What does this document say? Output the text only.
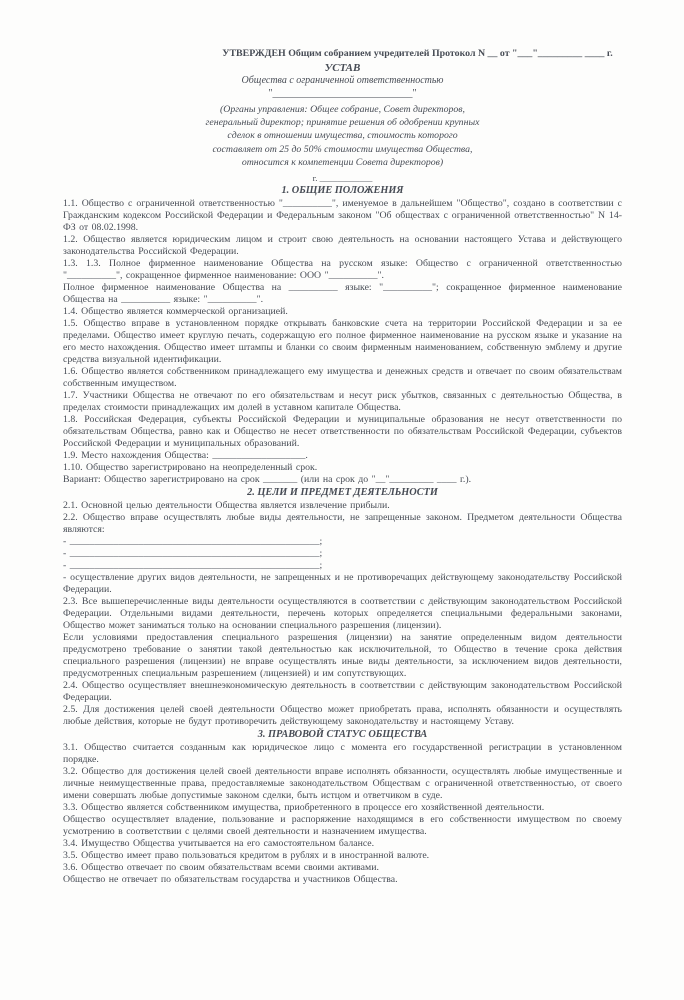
УТВЕРЖДЕН Общим собранием учредителей Протокол N __ от "___"_________ ____ г.
УСТАВ
Общества с ограниченной ответственностью
"____________________________"
(Органы управления: Общее собрание, Совет директоров,
генеральный директор; принятие решения об одобрении крупных
сделок в отношении имущества, стоимость которого
составляет от 25 до 50% стоимости имущества Общества,
относится к компетенции Совета директоров)
г. ____________
1. ОБЩИЕ ПОЛОЖЕНИЯ
1.1. Общество с ограниченной ответственностью "__________", именуемое в дальнейшем "Общество", создано в соответствии с Гражданским кодексом Российской Федерации и Федеральным законом "Об обществах с ограниченной ответственностью" N 14-ФЗ от 08.02.1998.
1.2. Общество является юридическим лицом и строит свою деятельность на основании настоящего Устава и действующего законодательства Российской Федерации.
1.3. 1.3. Полное фирменное наименование Общества на русском языке: Общество с ограниченной ответственностью "__________", сокращенное фирменное наименование: ООО "__________".
Полное фирменное наименование Общества на __________ языке: "__________"; сокращенное фирменное наименование Общества на __________ языке: "__________".
1.4. Общество является коммерческой организацией.
1.5. Общество вправе в установленном порядке открывать банковские счета на территории Российской Федерации и за ее пределами. Общество имеет круглую печать, содержащую его полное фирменное наименование на русском языке и указание на его место нахождения. Общество имеет штампы и бланки со своим фирменным наименованием, собственную эмблему и другие средства визуальной идентификации.
1.6. Общество является собственником принадлежащего ему имущества и денежных средств и отвечает по своим обязательствам собственным имуществом.
1.7. Участники Общества не отвечают по его обязательствам и несут риск убытков, связанных с деятельностью Общества, в пределах стоимости принадлежащих им долей в уставном капитале Общества.
1.8. Российская Федерация, субъекты Российской Федерации и муниципальные образования не несут ответственности по обязательствам Общества, равно как и Общество не несет ответственности по обязательствам Российской Федерации, субъектов Российской Федерации и муниципальных образований.
1.9. Место нахождения Общества: ___________________.
1.10. Общество зарегистрировано на неопределенный срок.
Вариант: Общество зарегистрировано на срок _______ (или на срок до "__"_________ ____ г.).
2. ЦЕЛИ И ПРЕДМЕТ ДЕЯТЕЛЬНОСТИ
2.1. Основной целью деятельности Общества является извлечение прибыли.
2.2. Общество вправе осуществлять любые виды деятельности, не запрещенные законом. Предметом деятельности Общества являются:
- ___________________________________________________;
- ___________________________________________________;
- ___________________________________________________;
- осуществление других видов деятельности, не запрещенных и не противоречащих действующему законодательству Российской Федерации.
2.3. Все вышеперечисленные виды деятельности осуществляются в соответствии с действующим законодательством Российской Федерации. Отдельными видами деятельности, перечень которых определяется специальными федеральными законами, Общество может заниматься только на основании специального разрешения (лицензии).
Если условиями предоставления специального разрешения (лицензии) на занятие определенным видом деятельности предусмотрено требование о занятии такой деятельностью как исключительной, то Общество в течение срока действия специального разрешения (лицензии) не вправе осуществлять иные виды деятельности, за исключением видов деятельности, предусмотренных специальным разрешением (лицензией) и им сопутствующих.
2.4. Общество осуществляет внешнеэкономическую деятельность в соответствии с действующим законодательством Российской Федерации.
2.5. Для достижения целей своей деятельности Общество может приобретать права, исполнять обязанности и осуществлять любые действия, которые не будут противоречить действующему законодательству и настоящему Уставу.
3. ПРАВОВОЙ СТАТУС ОБЩЕСТВА
3.1. Общество считается созданным как юридическое лицо с момента его государственной регистрации в установленном порядке.
3.2. Общество для достижения целей своей деятельности вправе исполнять обязанности, осуществлять любые имущественные и личные неимущественные права, предоставляемые законодательством Обществам с ограниченной ответственностью, от своего имени совершать любые допустимые законом сделки, быть истцом и ответчиком в суде.
3.3. Общество является собственником имущества, приобретенного в процессе его хозяйственной деятельности.
Общество осуществляет владение, пользование и распоряжение находящимся в его собственности имуществом по своему усмотрению в соответствии с целями своей деятельности и назначением имущества.
3.4. Имущество Общества учитывается на его самостоятельном балансе.
3.5. Общество имеет право пользоваться кредитом в рублях и в иностранной валюте.
3.6. Общество отвечает по своим обязательствам всеми своими активами.
Общество не отвечает по обязательствам государства и участников Общества.
